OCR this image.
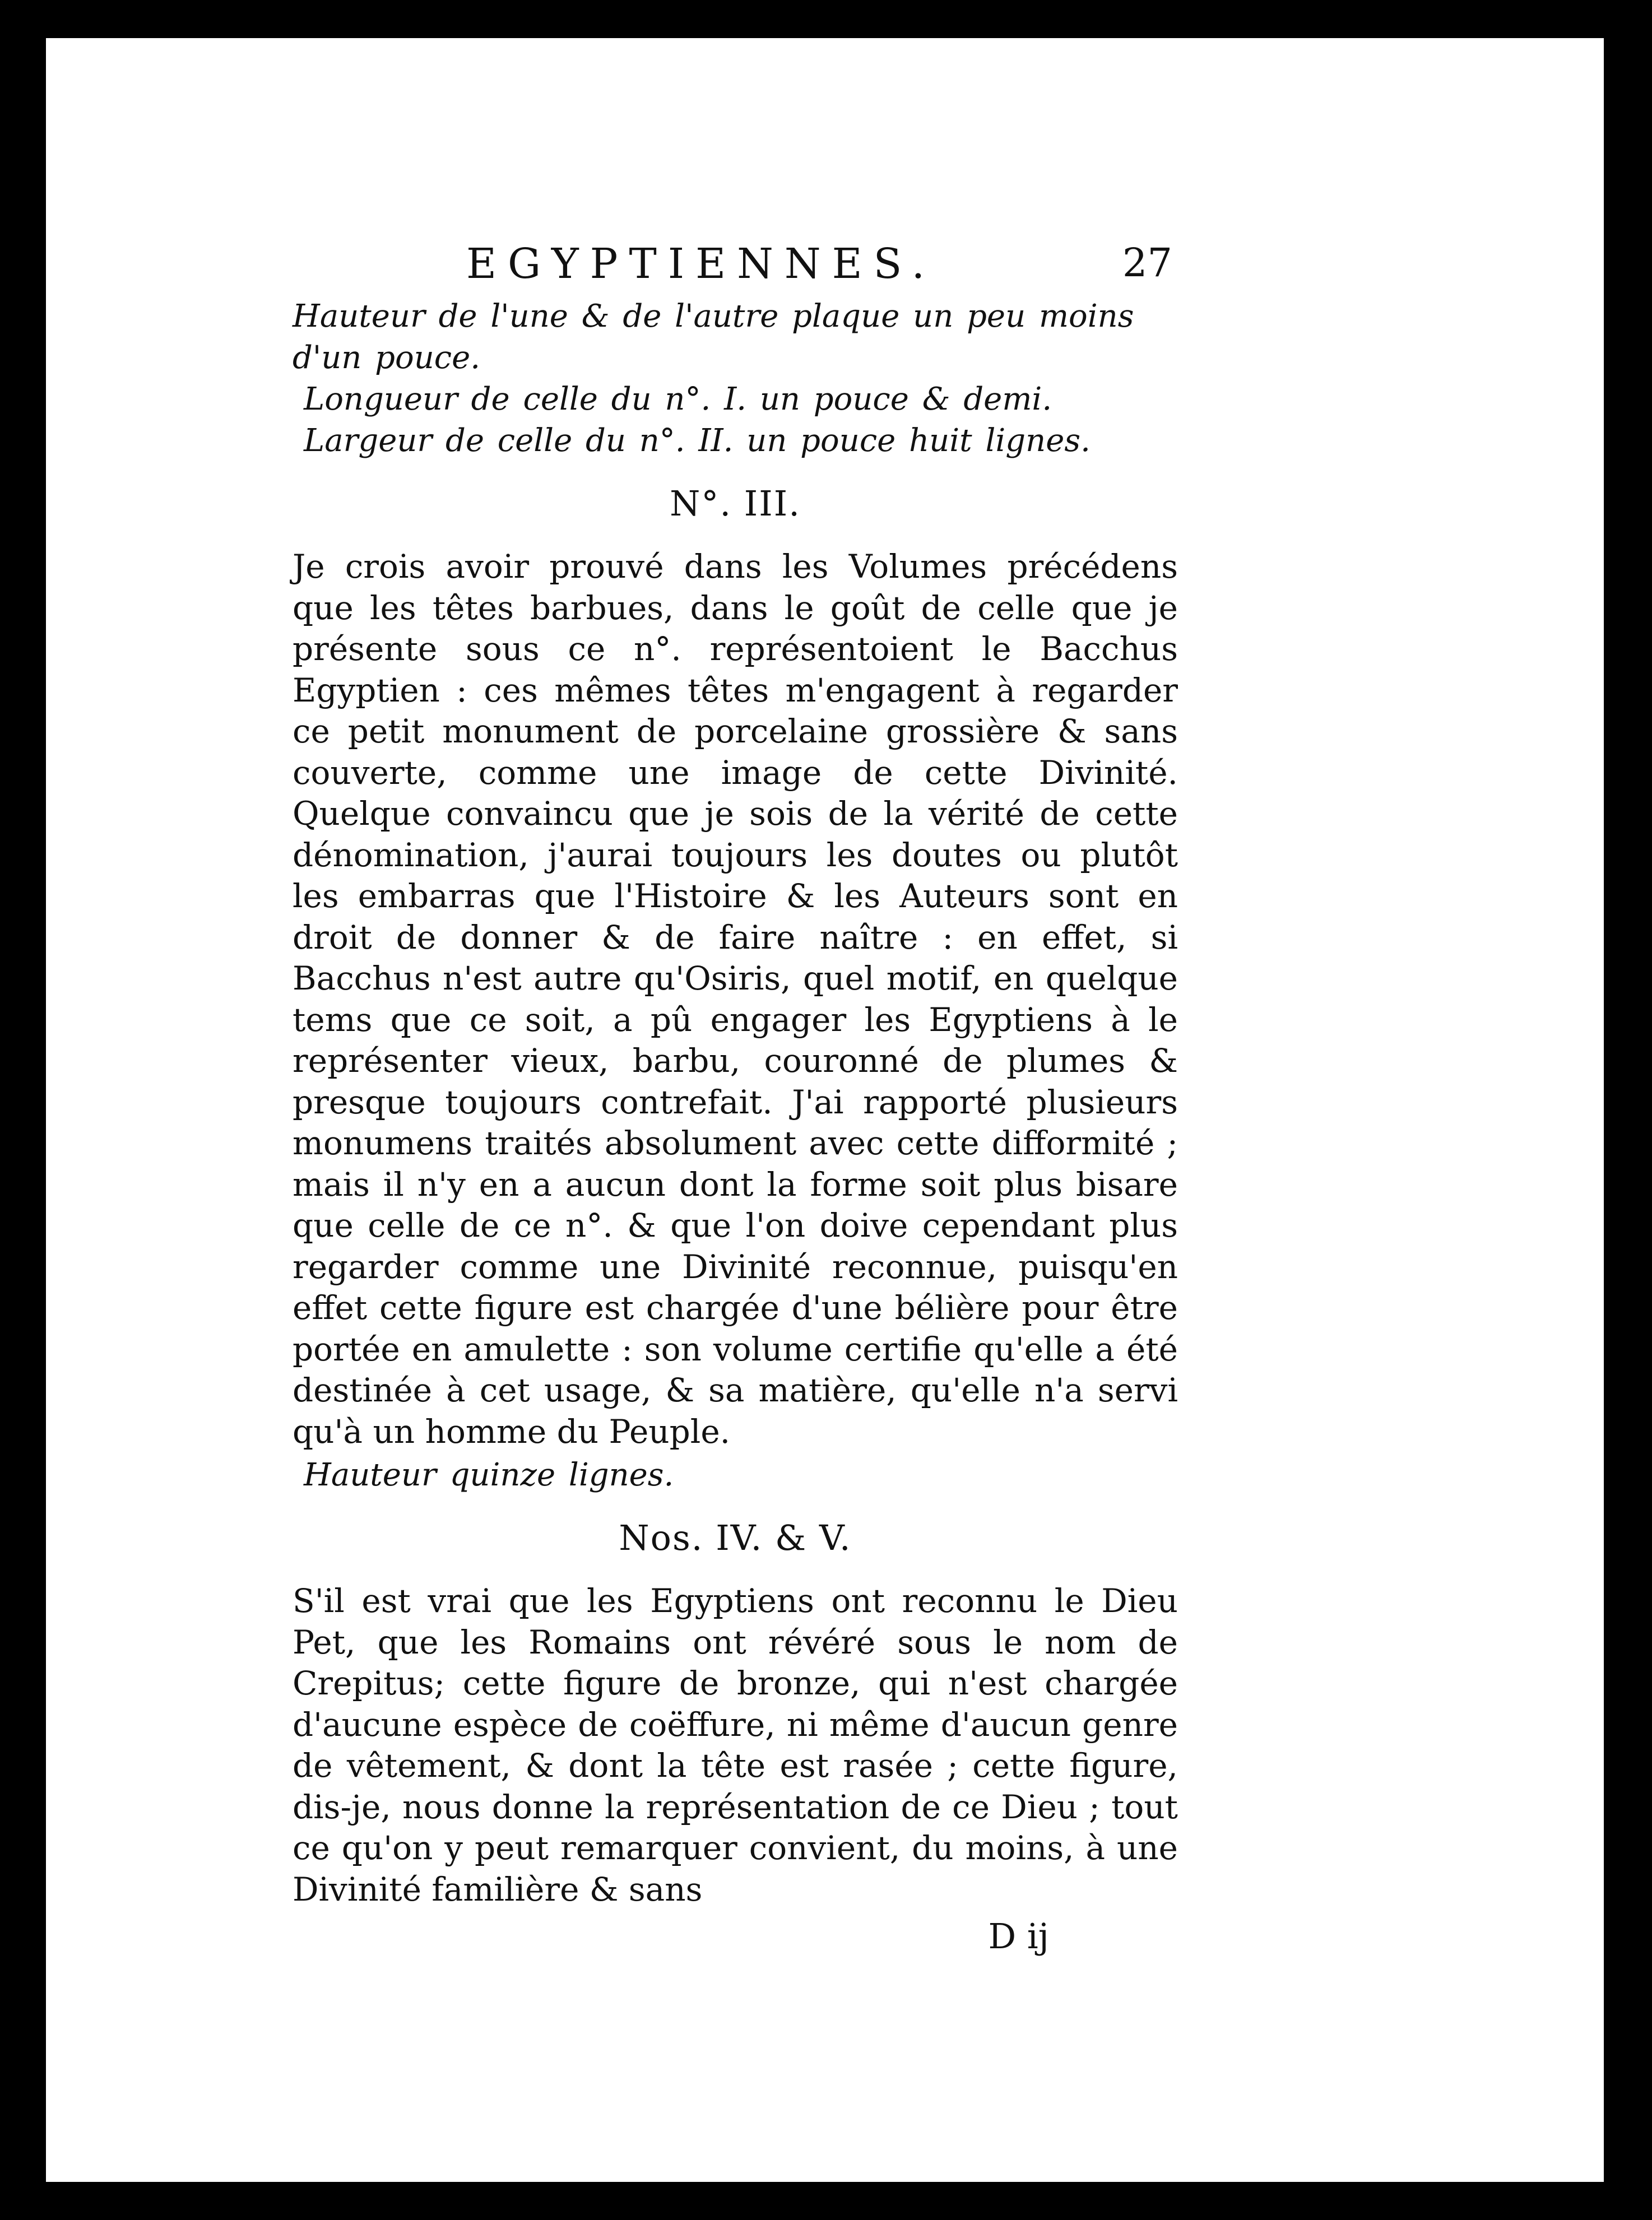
EGYPTIENNES.	27
Hauteur de l'une & de l'autre plaque un peu moins d'un pouce.
Longueur de celle du n°. I. un pouce & demi.
Largeur de celle du n°. II. un pouce huit lignes.
N°. III.
Je crois avoir prouvé dans les Volumes précédens que les têtes barbues, dans le goût de celle que je présente sous ce n°. représentoient le Bacchus Egyptien : ces mêmes têtes m'engagent à regarder ce petit monument de porcelaine grossière & sans couverte, comme une image de cette Divinité. Quelque convaincu que je sois de la vérité de cette dénomination, j'aurai toujours les doutes ou plutôt les embarras que l'Histoire & les Auteurs sont en droit de donner & de faire naître : en effet, si Bacchus n'est autre qu'Osiris, quel motif, en quelque tems que ce soit, a pû engager les Egyptiens à le représenter vieux, barbu, couronné de plumes & presque toujours contrefait. J'ai rapporté plusieurs monumens traités absolument avec cette difformité ; mais il n'y en a aucun dont la forme soit plus bisare que celle de ce n°. & que l'on doive cependant plus regarder comme une Divinité reconnue, puisqu'en effet cette figure est chargée d'une bélière pour être portée en amulette : son volume certifie qu'elle a été destinée à cet usage, & sa matière, qu'elle n'a servi qu'à un homme du Peuple.
Hauteur quinze lignes.
Nos. IV. & V.
S'il est vrai que les Egyptiens ont reconnu le Dieu Pet, que les Romains ont révéré sous le nom de Crepitus; cette figure de bronze, qui n'est chargée d'aucune espèce de coëffure, ni même d'aucun genre de vêtement, & dont la tête est rasée ; cette figure, dis-je, nous donne la représentation de ce Dieu ; tout ce qu'on y peut remarquer convient, du moins, à une Divinité familière & sans
D ij
